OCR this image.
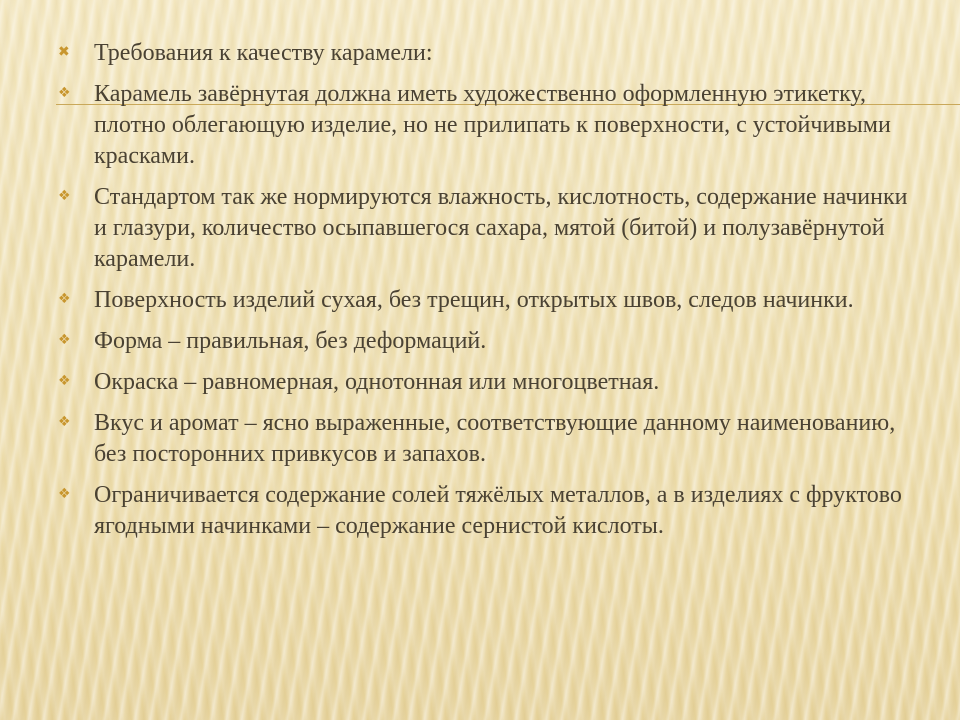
✖ Требования к качеству карамели:
❖ Карамель завёрнутая должна иметь художественно оформленную этикетку, плотно облегающую изделие, но не прилипать к поверхности, с устойчивыми красками.
❖ Стандартом так же нормируются влажность, кислотность, содержание начинки и глазури, количество осыпавшегося сахара, мятой (битой) и полузавёрнутой карамели.
❖ Поверхность изделий сухая, без трещин, открытых швов, следов начинки.
❖ Форма – правильная, без деформаций.
❖ Окраска – равномерная, однотонная или многоцветная.
❖ Вкус и аромат – ясно выраженные, соответствующие данному наименованию, без посторонних привкусов и запахов.
❖ Ограничивается содержание солей тяжёлых металлов, а в изделиях с фруктово ягодными начинками – содержание сернистой кислоты.
